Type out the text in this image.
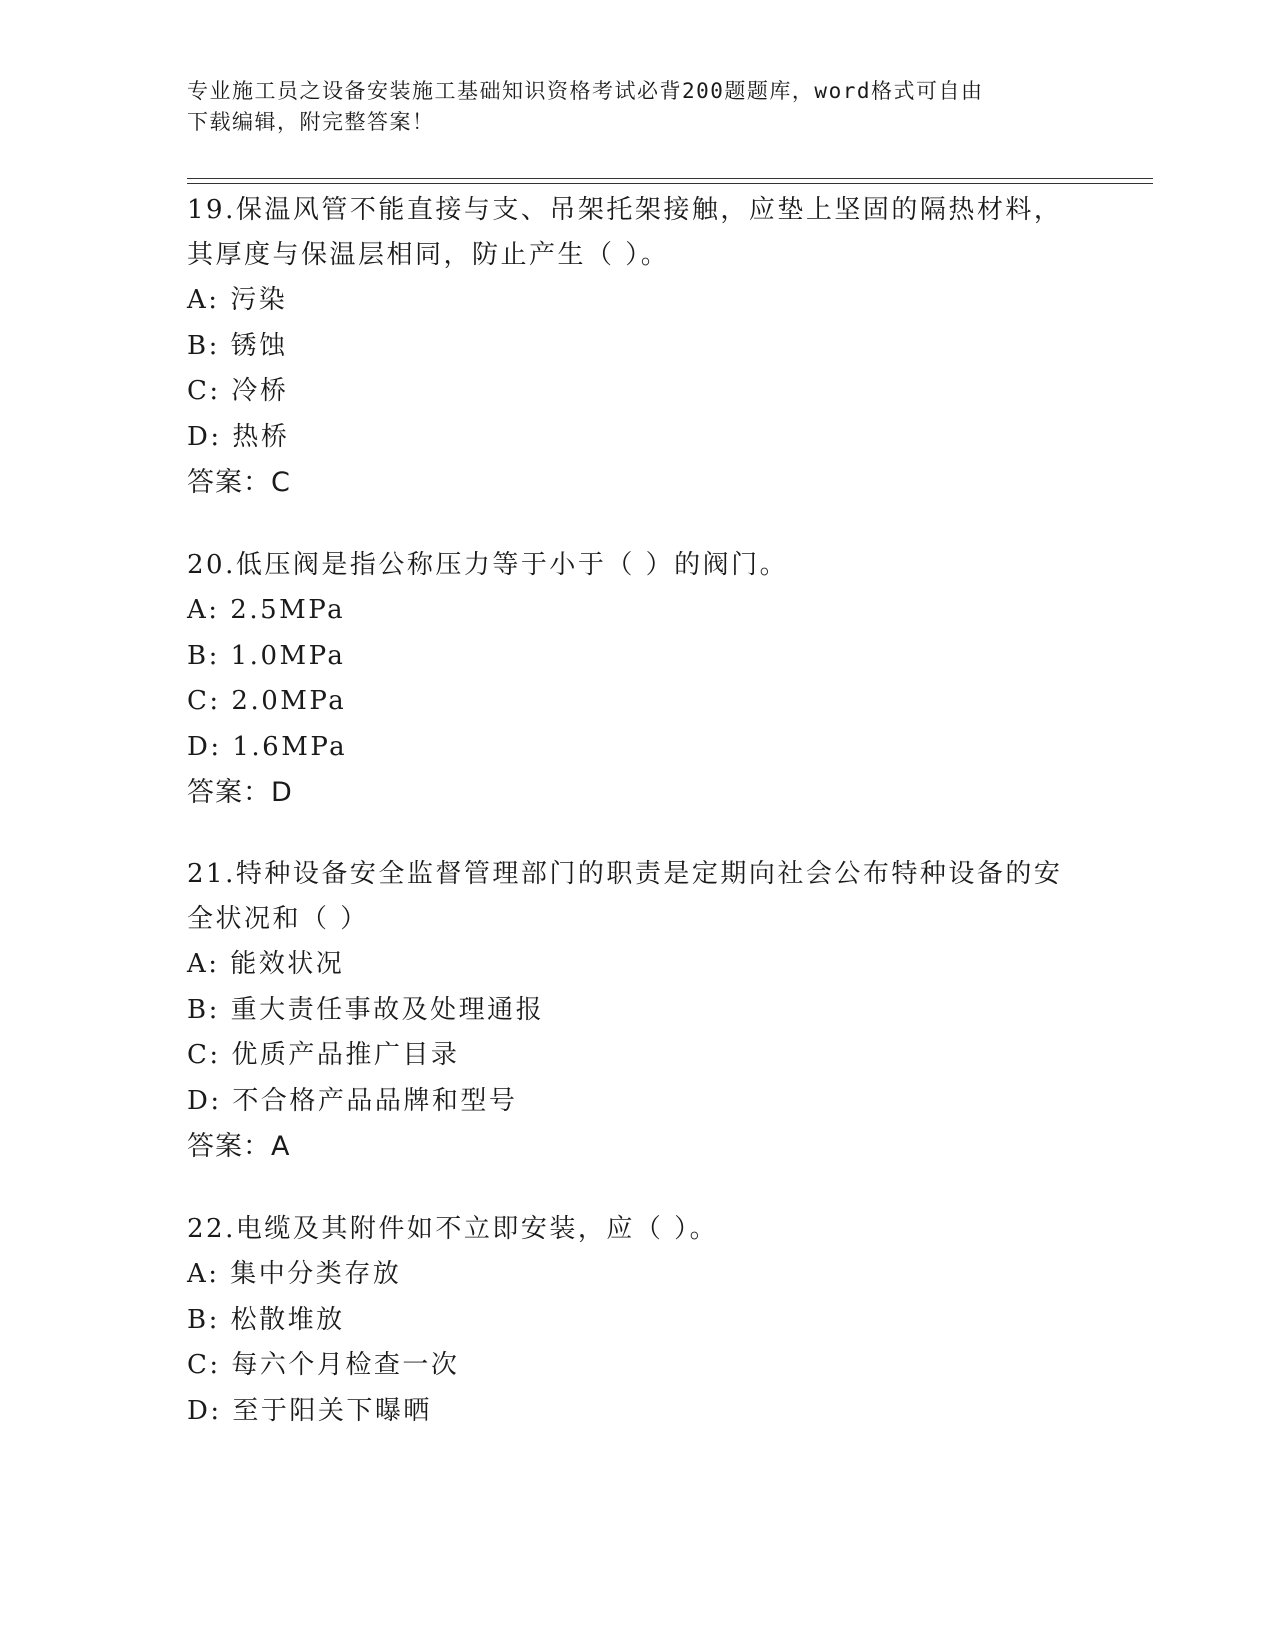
专业施工员之设备安装施工基础知识资格考试必背200题题库，word格式可自由
下载编辑，附完整答案！
19.保温风管不能直接与支、吊架托架接触，应垫上坚固的隔热材料，
其厚度与保温层相同，防止产生（ ）。
A: 污染
B: 锈蚀
C: 冷桥
D: 热桥
答案：C
20.低压阀是指公称压力等于小于（ ）的阀门。
A: 2.5MPa
B: 1.0MPa
C: 2.0MPa
D: 1.6MPa
答案：D
21.特种设备安全监督管理部门的职责是定期向社会公布特种设备的安
全状况和（ ）
A: 能效状况
B: 重大责任事故及处理通报
C: 优质产品推广目录
D: 不合格产品品牌和型号
答案：A
22.电缆及其附件如不立即安装，应（ ）。
A: 集中分类存放
B: 松散堆放
C: 每六个月检查一次
D: 至于阳关下曝晒
